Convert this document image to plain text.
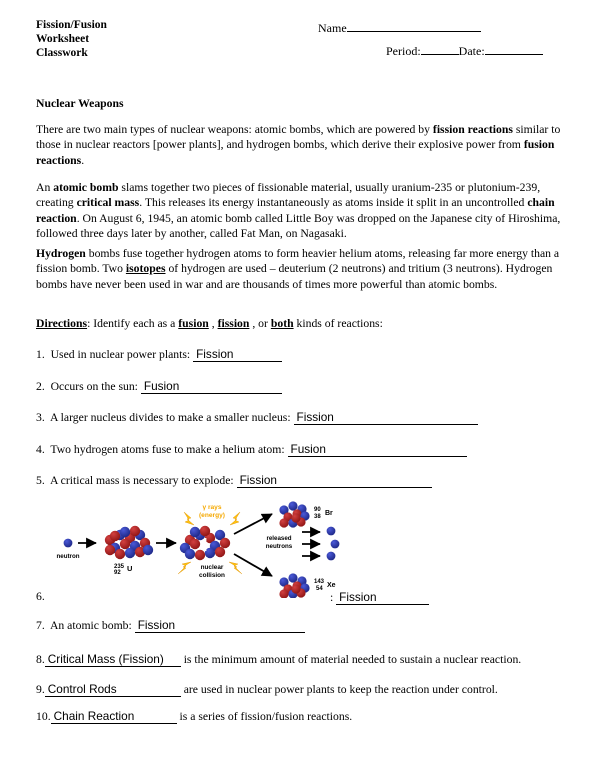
Fission/Fusion
Worksheet
Classwork
Name
Period:	Date:
Nuclear Weapons
There are two main types of nuclear weapons: atomic bombs, which are powered by fission reactions similar to those in nuclear reactors [power plants], and hydrogen bombs, which derive their explosive power from fusion reactions.
An atomic bomb slams together two pieces of fissionable material, usually uranium-235 or plutonium-239, creating critical mass. This releases its energy instantaneously as atoms inside it split in an uncontrolled chain reaction. On August 6, 1945, an atomic bomb called Little Boy was dropped on the Japanese city of Hiroshima, followed three days later by another, called Fat Man, on Nagasaki.
Hydrogen bombs fuse together hydrogen atoms to form heavier helium atoms, releasing far more energy than a fission bomb. Two isotopes of hydrogen are used – deuterium (2 neutrons) and tritium (3 neutrons). Hydrogen bombs have never been used in war and are thousands of times more powerful than atomic bombs.
Directions: Identify each as a fusion , fission , or both kinds of reactions:
1. Used in nuclear power plants: Fission
2. Occurs on the sun: Fusion
3. A larger nucleus divides to make a smaller nucleus: Fission
4. Two hydrogen atoms fuse to make a helium atom: Fusion
5. A critical mass is necessary to explode: Fission
neutron
235
92 U
γ rays
(energy)
nuclear
collision
90
38 Br
released
neutrons
143
54 Xe
6.	: Fission
7. An atomic bomb: Fission
8. Critical Mass (Fission) is the minimum amount of material needed to sustain a nuclear reaction.
9. Control Rods	are used in nuclear power plants to keep the reaction under control.
10. Chain Reaction	is a series of fission/fusion reactions.
